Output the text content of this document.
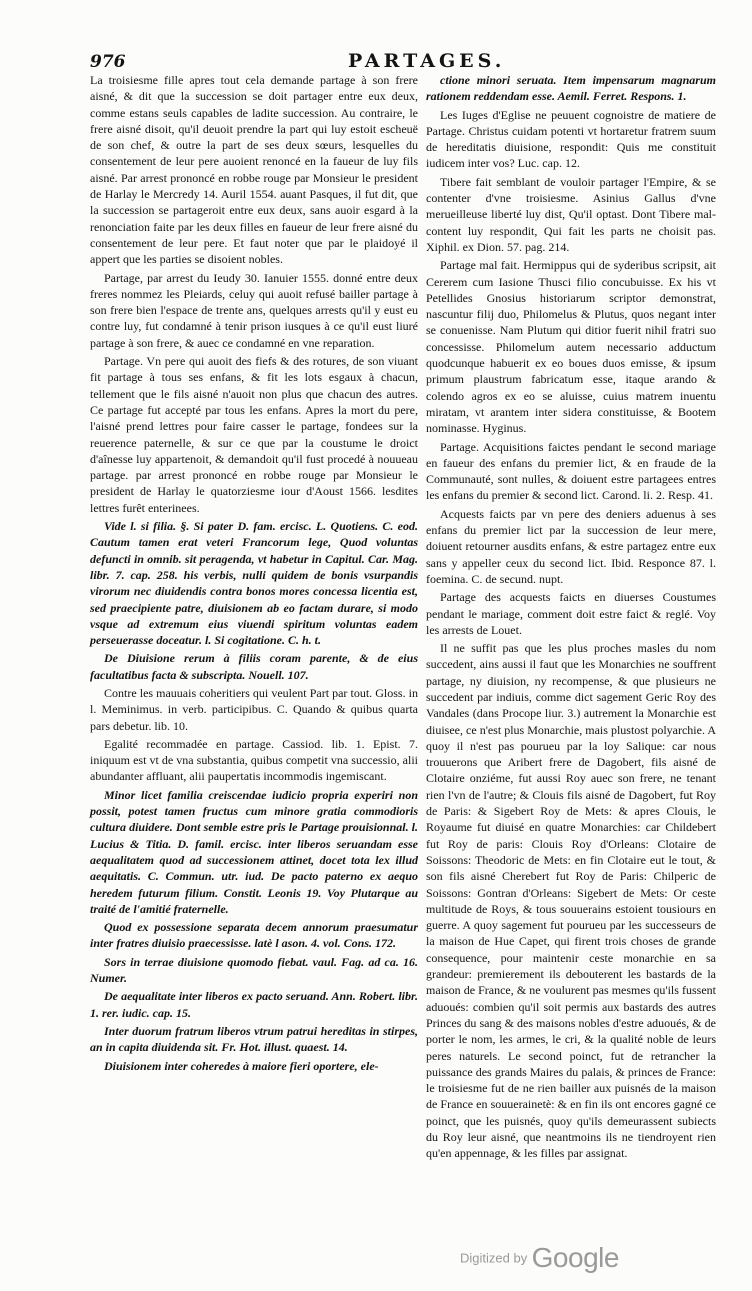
976	PARTAGES.

La troisiesme fille apres tout cela demande partage à son frere aisné, & dit que la succession se doit partager entre eux deux, comme estans seuls capables de ladite succession. Au contraire, le frere aisné disoit, qu'il deuoit prendre la part qui luy estoit escheuë de son chef, & outre la part de ses deux sœurs, lesquelles du consentement de leur pere auoient renoncé en la faueur de luy fils aisné. Par arrest prononcé en robbe rouge par Monsieur le president de Harlay le Mercredy 14. Auril 1554. auant Pasques, il fut dit, que la succession se partageroit entre eux deux, sans auoir esgard à la renonciation faite par les deux filles en faueur de leur frere aisné du consentement de leur pere. Et faut noter que par le plaidoyé il appert que les parties se disoient nobles.

Partage, par arrest du Ieudy 30. Ianuier 1555. donné entre deux freres nommez les Pleiards, celuy qui auoit refusé bailler partage à son frere bien l'espace de trente ans, quelques arrests qu'il y eust eu contre luy, fut condamné à tenir prison iusques à ce qu'il eust liuré partage à son frere, & auec ce condamné en vne reparation.

Partage. Vn pere qui auoit des fiefs & des rotures, de son viuant fit partage à tous ses enfans, & fit les lots esgaux à chacun, tellement que le fils aisné n'auoit non plus que chacun des autres. Ce partage fut accepté par tous les enfans. Apres la mort du pere, l'aisné prend lettres pour faire casser le partage, fondees sur la reuerence paternelle, & sur ce que par la coustume le droict d'aînesse luy appartenoit, & demandoit qu'il fust procedé à nouueau partage. par arrest prononcé en robbe rouge par Monsieur le president de Harlay le quatorziesme iour d'Aoust 1566. lesdites lettres furêt enterinees.

Vide l. si filia. §. Si pater D. fam. ercisc. L. Quotiens. C. eod. Cautum tamen erat veteri Francorum lege, Quod voluntas defuncti in omnib. sit peragenda, vt habetur in Capitul. Car. Mag. libr. 7. cap. 258. his verbis, nulli quidem de bonis vsurpandis virorum nec diuidendis contra bonos mores concessa licentia est, sed praecipiente patre, diuisionem ab eo factam durare, si modo vsque ad extremum eius viuendi spiritum voluntas eadem perseuerasse doceatur. l. Si cogitatione. C. h. t.

De Diuisione rerum à filiis coram parente, & de eius facultatibus facta & subscripta. Nouell. 107.

Contre les mauuais coheritiers qui veulent Part par tout. Gloss. in l. Meminimus. in verb. participibus. C. Quando & quibus quarta pars debetur. lib. 10.

Egalité recommadée en partage. Cassiod. lib. 1. Epist. 7. iniquum est vt de vna substantia, quibus competit vna successio, alii abundanter affluant, alii paupertatis incommodis ingemiscant.

Minor licet familia creiscendae iudicio propria experiri non possit, potest tamen fructus cum minore gratia commodioris cultura diuidere. Dont semble estre pris le Partage prouisionnal. l. Lucius & Titia. D. famil. ercisc. inter liberos seruandam esse aequalitatem quod ad successionem attinet, docet tota lex illud aequitatis. C. Commun. utr. iud. De pacto paterno ex aequo heredem futurum filium. Constit. Leonis 19. Voy Plutarque au traité de l'amitié fraternelle.

Quod ex possessione separata decem annorum praesumatur inter fratres diuisio praecessisse. latè l ason. 4. vol. Cons. 172.

Sors in terrae diuisione quomodo fiebat. vaul. Fag. ad ca. 16. Numer.

De aequalitate inter liberos ex pacto seruand. Ann. Robert. libr. 1. rer. iudic. cap. 15.

Inter duorum fratrum liberos vtrum patrui hereditas in stirpes, an in capita diuidenda sit. Fr. Hot. illust. quaest. 14.

Diuisionem inter coheredes à maiore fieri oportere, ele-

ctione minori seruata. Item impensarum magnarum rationem reddendam esse. Aemil. Ferret. Respons. 1.

Les Iuges d'Eglise ne peuuent cognoistre de matiere de Partage. Christus cuidam potenti vt hortaretur fratrem suum de hereditatis diuisione, respondit: Quis me constituit iudicem inter vos? Luc. cap. 12.

Tibere fait semblant de vouloir partager l'Empire, & se contenter d'vne troisiesme. Asinius Gallus d'vne merueilleuse liberté luy dist, Qu'il optast. Dont Tibere mal-content luy respondit, Qui fait les parts ne choisit pas. Xiphil. ex Dion. 57. pag. 214.

Partage mal fait. Hermippus qui de syderibus scripsit, ait Cererem cum Iasione Thusci filio concubuisse. Ex his vt Petellides Gnosius historiarum scriptor demonstrat, nascuntur filij duo, Philomelus & Plutus, quos negant inter se conuenisse. Nam Plutum qui ditior fuerit nihil fratri suo concessisse. Philomelum autem necessario adductum quodcunque habuerit ex eo boues duos emisse, & ipsum primum plaustrum fabricatum esse, itaque arando & colendo agros ex eo se aluisse, cuius matrem inuentu miratam, vt arantem inter sidera constituisse, & Bootem nominasse. Hyginus.

Partage. Acquisitions faictes pendant le second mariage en faueur des enfans du premier lict, & en fraude de la Communauté, sont nulles, & doiuent estre partagees entres les enfans du premier & second lict. Carond. li. 2. Resp. 41.

Acquests faicts par vn pere des deniers aduenus à ses enfans du premier lict par la succession de leur mere, doiuent retourner ausdits enfans, & estre partagez entre eux sans y appeller ceux du second lict. Ibid. Responce 87. l. foemina. C. de secund. nupt.

Partage des acquests faicts en diuerses Coustumes pendant le mariage, comment doit estre faict & reglé. Voy les arrests de Louet.

Il ne suffit pas que les plus proches masles du nom succedent, ains aussi il faut que les Monarchies ne souffrent partage, ny diuision, ny recompense, & que plusieurs ne succedent par indiuis, comme dict sagement Geric Roy des Vandales (dans Procope liur. 3.) autrement la Monarchie est diuisee, ce n'est plus Monarchie, mais plustost polyarchie. A quoy il n'est pas pourueu par la loy Salique: car nous trouuerons que Aribert frere de Dagobert, fils aisné de Clotaire onziéme, fut aussi Roy auec son frere, ne tenant rien l'vn de l'autre; & Clouis fils aisné de Dagobert, fut Roy de Paris: & Sigebert Roy de Mets: & apres Clouis, le Royaume fut diuisé en quatre Monarchies: car Childebert fut Roy de paris: Clouis Roy d'Orleans: Clotaire de Soissons: Theodoric de Mets: en fin Clotaire eut le tout, & son fils aisné Cherebert fut Roy de Paris: Chilperic de Soissons: Gontran d'Orleans: Sigebert de Mets: Or ceste multitude de Roys, & tous souuerains estoient tousiours en guerre. A quoy sagement fut pourueu par les successeurs de la maison de Hue Capet, qui firent trois choses de grande consequence, pour maintenir ceste monarchie en sa grandeur: premierement ils debouterent les bastards de la maison de France, & ne voulurent pas mesmes qu'ils fussent aduoués: combien qu'il soit permis aux bastards des autres Princes du sang & des maisons nobles d'estre aduoués, & de porter le nom, les armes, le cri, & la qualité noble de leurs peres naturels. Le second poinct, fut de retrancher la puissance des grands Maires du palais, & princes de France: le troisiesme fut de ne rien bailler aux puisnés de la maison de France en souuerainetè: & en fin ils ont encores gagné ce poinct, que les puisnés, quoy qu'ils demeurassent subiects du Roy leur aisné, que neantmoins ils ne tiendroyent rien qu'en appennage, & les filles par assignat.

Digitized by Google
